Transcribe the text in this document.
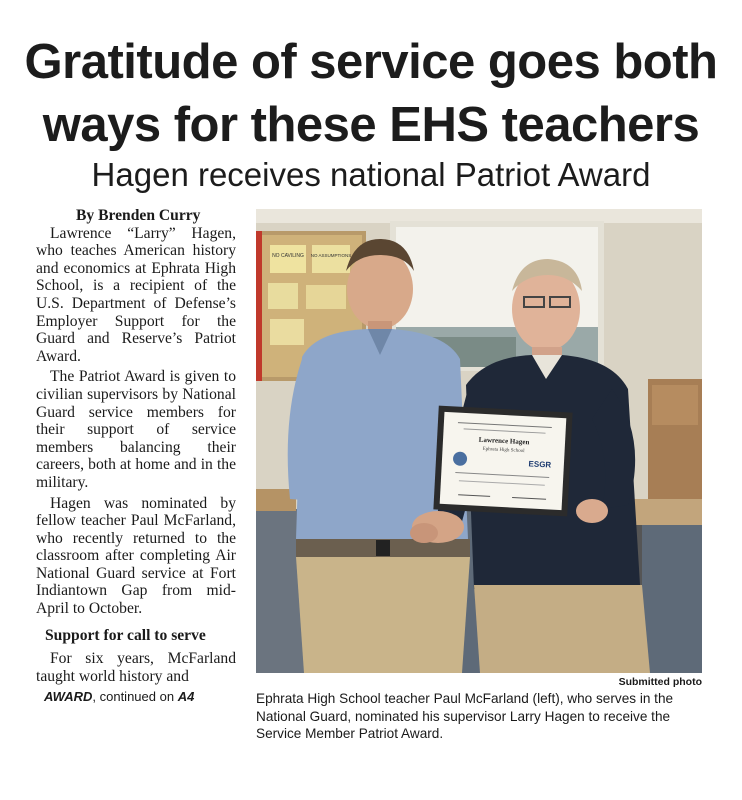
Gratitude of service goes both
ways for these EHS teachers
Hagen receives national Patriot Award

By Brenden Curry

Lawrence “Larry” Hagen, who teaches American history and economics at Ephrata High School, is a recipient of the U.S. Department of Defense’s Employer Support for the Guard and Reserve’s Patriot Award.

The Patriot Award is given to civilian supervisors by National Guard service members for their support of service members balancing their careers, both at home and in the military.

Hagen was nominated by fellow teacher Paul McFarland, who recently returned to the classroom after completing Air National Guard service at Fort Indiantown Gap from mid-April to October.

Support for call to serve

For six years, McFarland taught world history and

AWARD, continued on A4

NO CAVILING NO ASSUMPTIONS
Lawrence Hagen
Ephrata High School
ESGR
Submitted photo
Ephrata High School teacher Paul McFarland (left), who serves in the National Guard, nominated his supervisor Larry Hagen to receive the Service Member Patriot Award.
